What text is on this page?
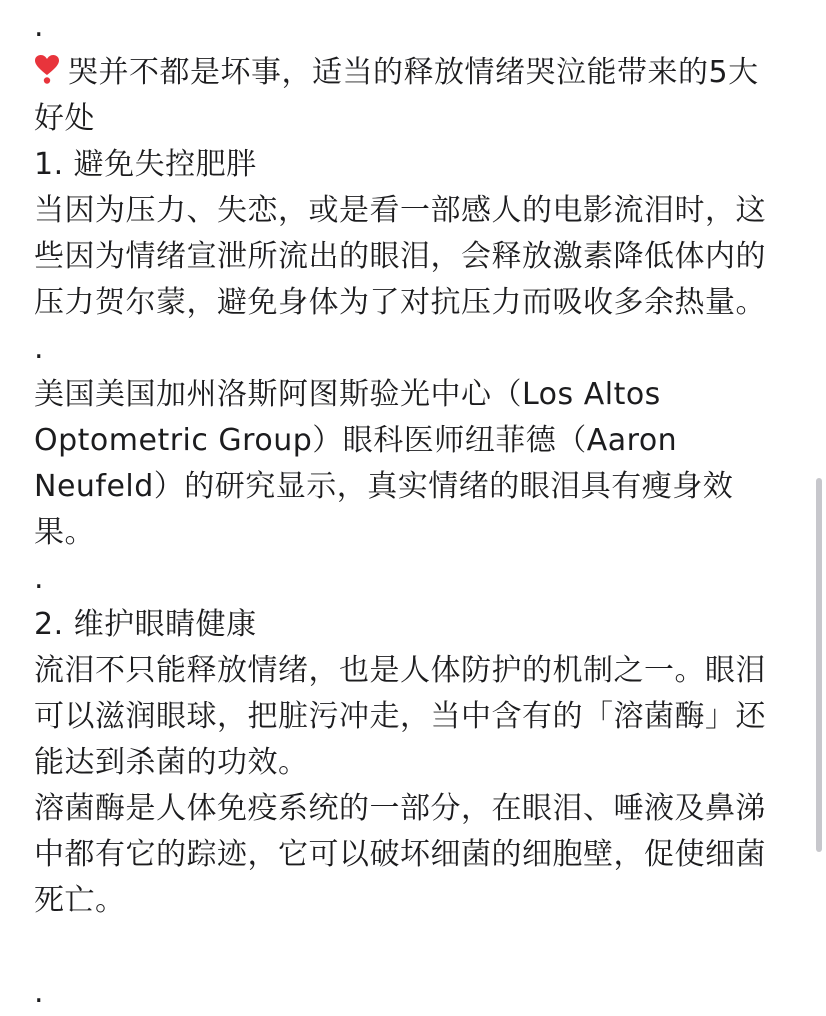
.
哭并不都是坏事，适当的释放情绪哭泣能带来的5大
好处
1. 避免失控肥胖
当因为压力、失恋，或是看一部感人的电影流泪时，这
些因为情绪宣泄所流出的眼泪，会释放激素降低体内的
压力贺尔蒙，避免身体为了对抗压力而吸收多余热量。
.
美国美国加州洛斯阿图斯验光中心（Los Altos
Optometric Group）眼科医师纽菲德（Aaron
Neufeld）的研究显示，真实情绪的眼泪具有瘦身效
果。
.
2. 维护眼睛健康
流泪不只能释放情绪，也是人体防护的机制之一。眼泪
可以滋润眼球，把脏污冲走，当中含有的「溶菌酶」还
能达到杀菌的功效。
溶菌酶是人体免疫系统的一部分，在眼泪、唾液及鼻涕
中都有它的踪迹，它可以破坏细菌的细胞壁，促使细菌
死亡。
.
